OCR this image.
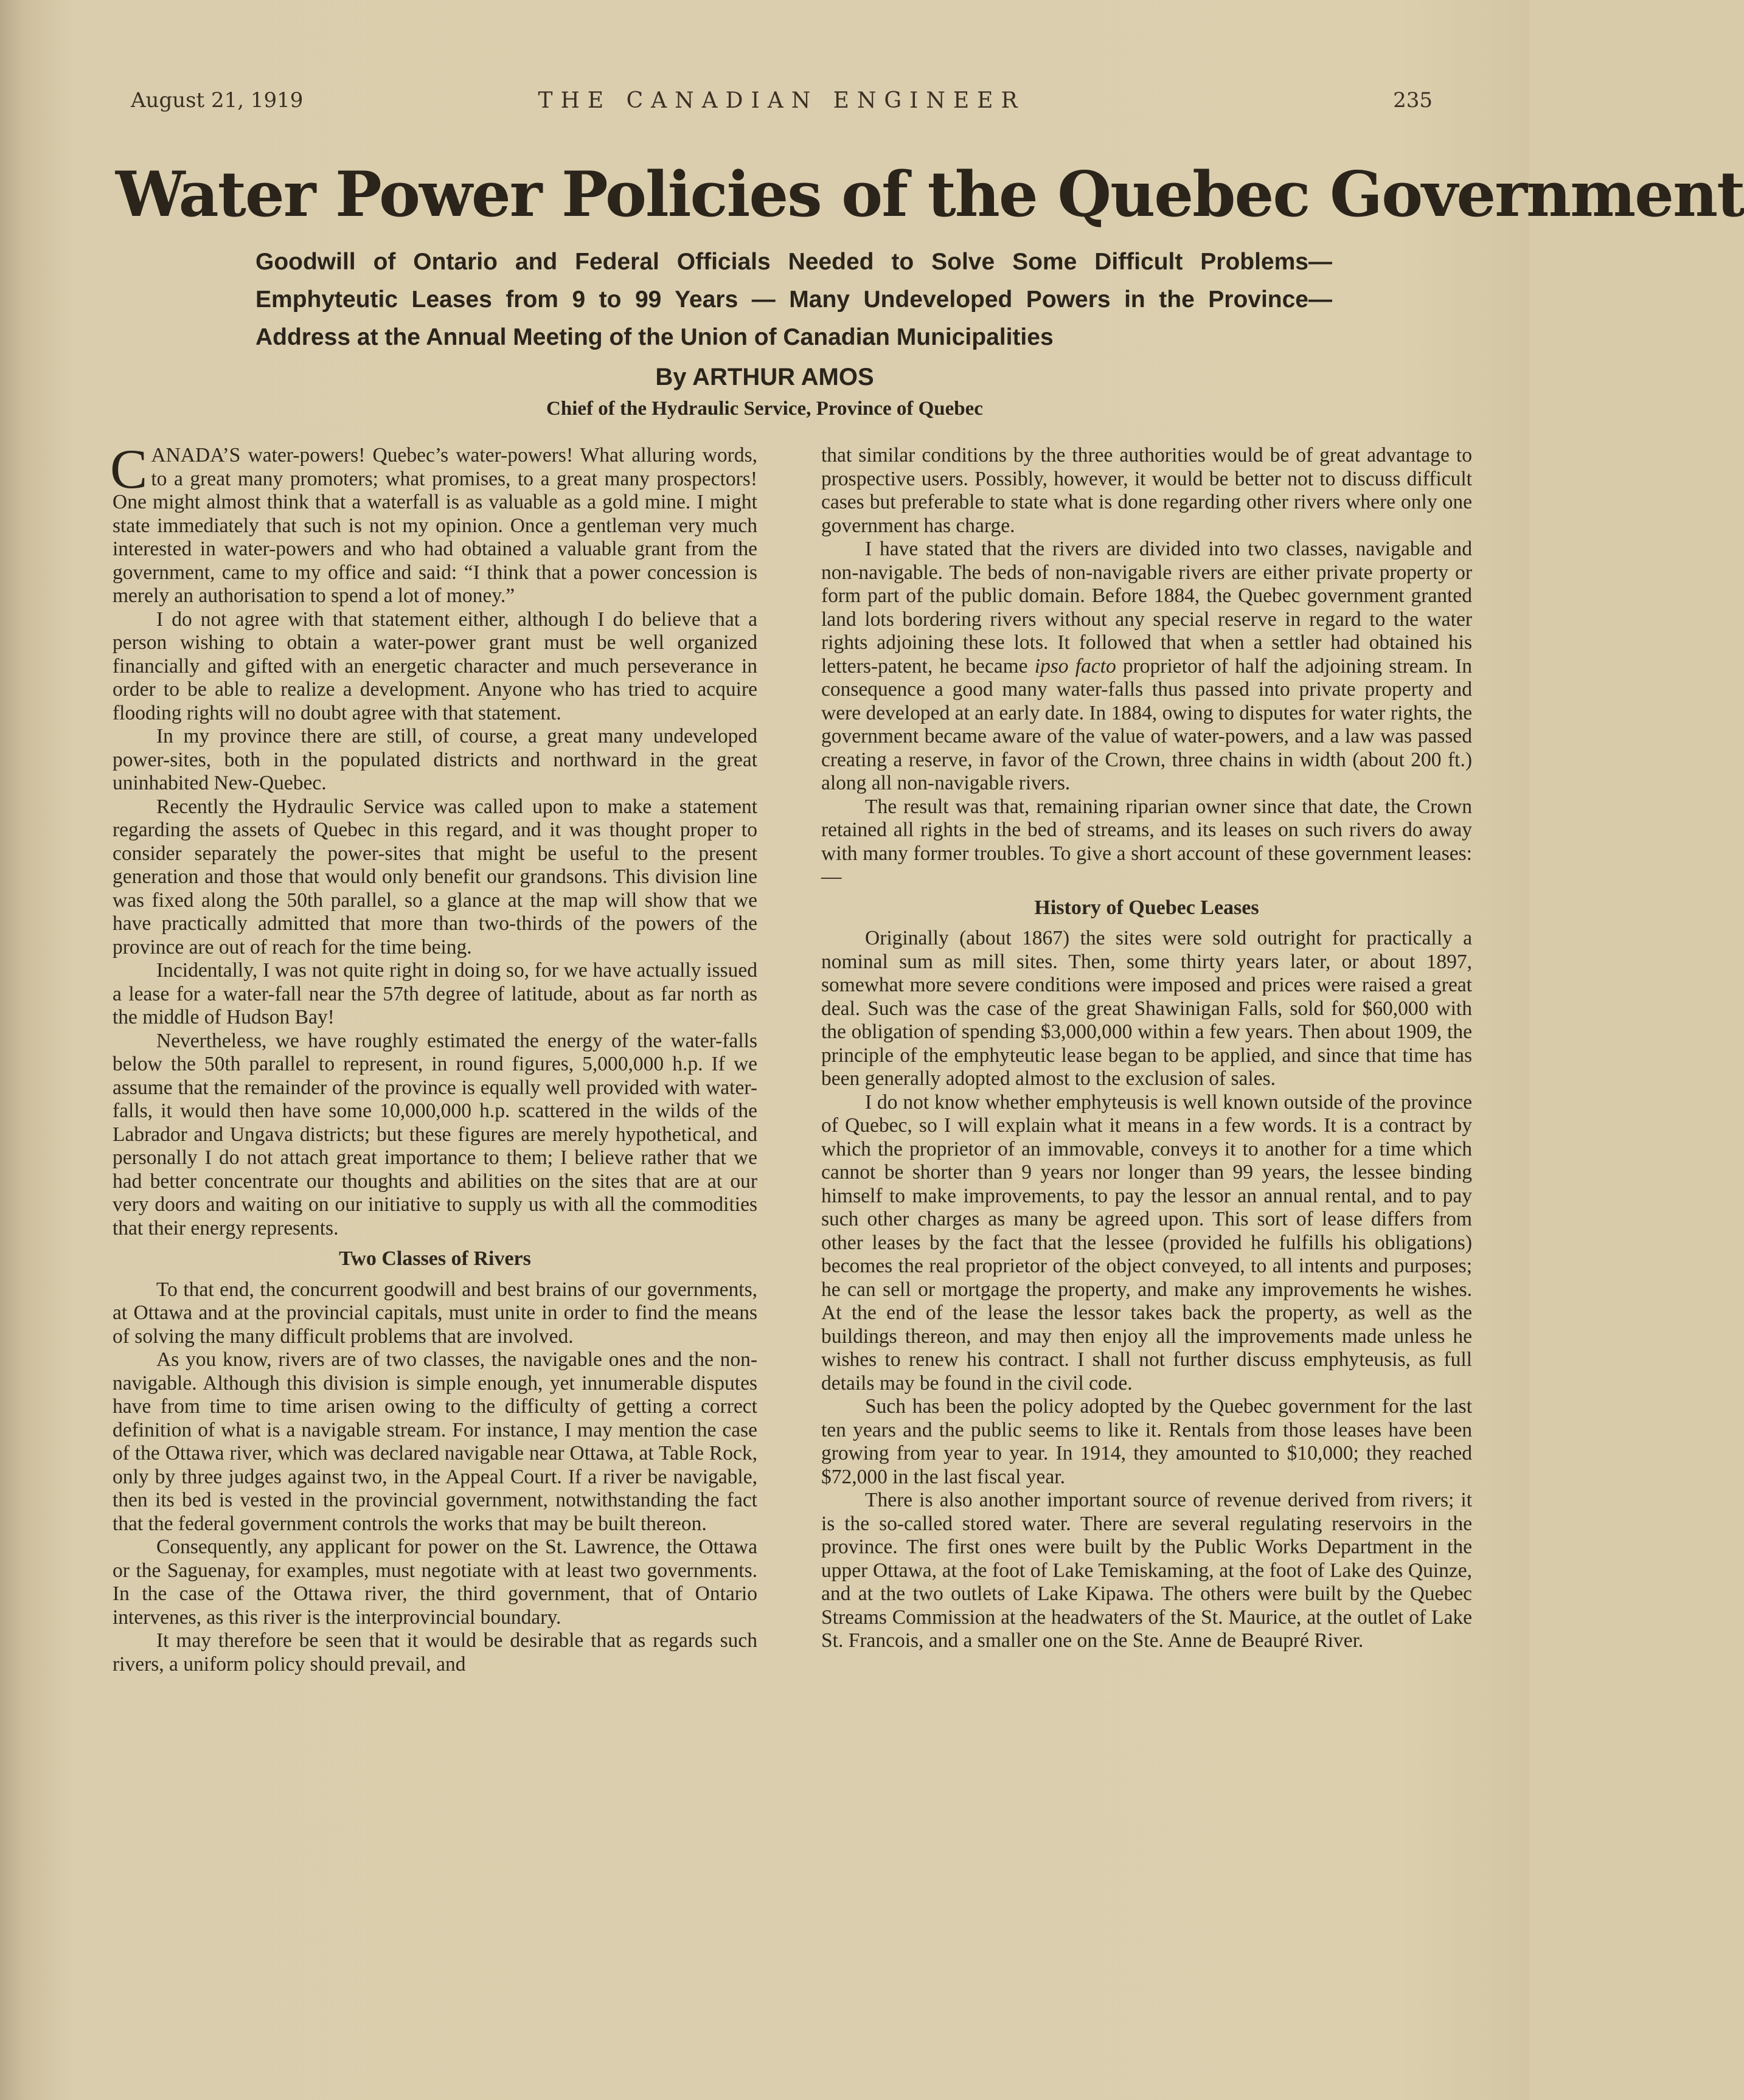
August 21, 1919	THE CANADIAN ENGINEER	235
Water Power Policies of the Quebec Government
Goodwill of Ontario and Federal Officials Needed to Solve Some Difficult Problems— Emphyteutic Leases from 9 to 99 Years — Many Undeveloped Powers in the Province—Address at the Annual Meeting of the Union of Canadian Municipalities
By ARTHUR AMOS
Chief of the Hydraulic Service, Province of Quebec

CANADA’S water-powers! Quebec’s water-powers! What alluring words, to a great many promoters; what promises, to a great many prospectors! One might almost think that a waterfall is as valuable as a gold mine. I might state immediately that such is not my opinion. Once a gentleman very much interested in water-powers and who had obtained a valuable grant from the government, came to my office and said: “I think that a power concession is merely an authorisation to spend a lot of money.”

I do not agree with that statement either, although I do believe that a person wishing to obtain a water-power grant must be well organized financially and gifted with an energetic character and much perseverance in order to be able to realize a development. Anyone who has tried to acquire flooding rights will no doubt agree with that statement.

In my province there are still, of course, a great many undeveloped power-sites, both in the populated districts and northward in the great uninhabited New-Quebec.

Recently the Hydraulic Service was called upon to make a statement regarding the assets of Quebec in this regard, and it was thought proper to consider separately the power-sites that might be useful to the present generation and those that would only benefit our grandsons. This division line was fixed along the 50th parallel, so a glance at the map will show that we have practically admitted that more than two-thirds of the powers of the province are out of reach for the time being.

Incidentally, I was not quite right in doing so, for we have actually issued a lease for a water-fall near the 57th degree of latitude, about as far north as the middle of Hudson Bay!

Nevertheless, we have roughly estimated the energy of the water-falls below the 50th parallel to represent, in round figures, 5,000,000 h.p. If we assume that the remainder of the province is equally well provided with water-falls, it would then have some 10,000,000 h.p. scattered in the wilds of the Labrador and Ungava districts; but these figures are merely hypothetical, and personally I do not attach great importance to them; I believe rather that we had better concentrate our thoughts and abilities on the sites that are at our very doors and waiting on our initiative to supply us with all the commodities that their energy represents.

Two Classes of Rivers

To that end, the concurrent goodwill and best brains of our governments, at Ottawa and at the provincial capitals, must unite in order to find the means of solving the many difficult problems that are involved.

As you know, rivers are of two classes, the navigable ones and the non-navigable. Although this division is simple enough, yet innumerable disputes have from time to time arisen owing to the difficulty of getting a correct definition of what is a navigable stream. For instance, I may mention the case of the Ottawa river, which was declared navigable near Ottawa, at Table Rock, only by three judges against two, in the Appeal Court. If a river be navigable, then its bed is vested in the provincial government, notwithstanding the fact that the federal government controls the works that may be built thereon.

Consequently, any applicant for power on the St. Lawrence, the Ottawa or the Saguenay, for examples, must negotiate with at least two governments. In the case of the Ottawa river, the third government, that of Ontario intervenes, as this river is the interprovincial boundary.

It may therefore be seen that it would be desirable that as regards such rivers, a uniform policy should prevail, and

that similar conditions by the three authorities would be of great advantage to prospective users. Possibly, however, it would be better not to discuss difficult cases but preferable to state what is done regarding other rivers where only one government has charge.

I have stated that the rivers are divided into two classes, navigable and non-navigable. The beds of non-navigable rivers are either private property or form part of the public domain. Before 1884, the Quebec government granted land lots bordering rivers without any special reserve in regard to the water rights adjoining these lots. It followed that when a settler had obtained his letters-patent, he became ipso facto proprietor of half the adjoining stream. In consequence a good many water-falls thus passed into private property and were developed at an early date. In 1884, owing to disputes for water rights, the government became aware of the value of water-powers, and a law was passed creating a reserve, in favor of the Crown, three chains in width (about 200 ft.) along all non-navigable rivers.

The result was that, remaining riparian owner since that date, the Crown retained all rights in the bed of streams, and its leases on such rivers do away with many former troubles. To give a short account of these government leases:—

History of Quebec Leases

Originally (about 1867) the sites were sold outright for practically a nominal sum as mill sites. Then, some thirty years later, or about 1897, somewhat more severe conditions were imposed and prices were raised a great deal. Such was the case of the great Shawinigan Falls, sold for $60,000 with the obligation of spending $3,000,000 within a few years. Then about 1909, the principle of the emphyteutic lease began to be applied, and since that time has been generally adopted almost to the exclusion of sales.

I do not know whether emphyteusis is well known outside of the province of Quebec, so I will explain what it means in a few words. It is a contract by which the proprietor of an immovable, conveys it to another for a time which cannot be shorter than 9 years nor longer than 99 years, the lessee binding himself to make improvements, to pay the lessor an annual rental, and to pay such other charges as many be agreed upon. This sort of lease differs from other leases by the fact that the lessee (provided he fulfills his obligations) becomes the real proprietor of the object conveyed, to all intents and purposes; he can sell or mortgage the property, and make any improvements he wishes. At the end of the lease the lessor takes back the property, as well as the buildings thereon, and may then enjoy all the improvements made unless he wishes to renew his contract. I shall not further discuss emphyteusis, as full details may be found in the civil code.

Such has been the policy adopted by the Quebec government for the last ten years and the public seems to like it. Rentals from those leases have been growing from year to year. In 1914, they amounted to $10,000; they reached $72,000 in the last fiscal year.

There is also another important source of revenue derived from rivers; it is the so-called stored water. There are several regulating reservoirs in the province. The first ones were built by the Public Works Department in the upper Ottawa, at the foot of Lake Temiskaming, at the foot of Lake des Quinze, and at the two outlets of Lake Kipawa. The others were built by the Quebec Streams Commission at the headwaters of the St. Maurice, at the outlet of Lake St. Francois, and a smaller one on the Ste. Anne de Beaupré River.
